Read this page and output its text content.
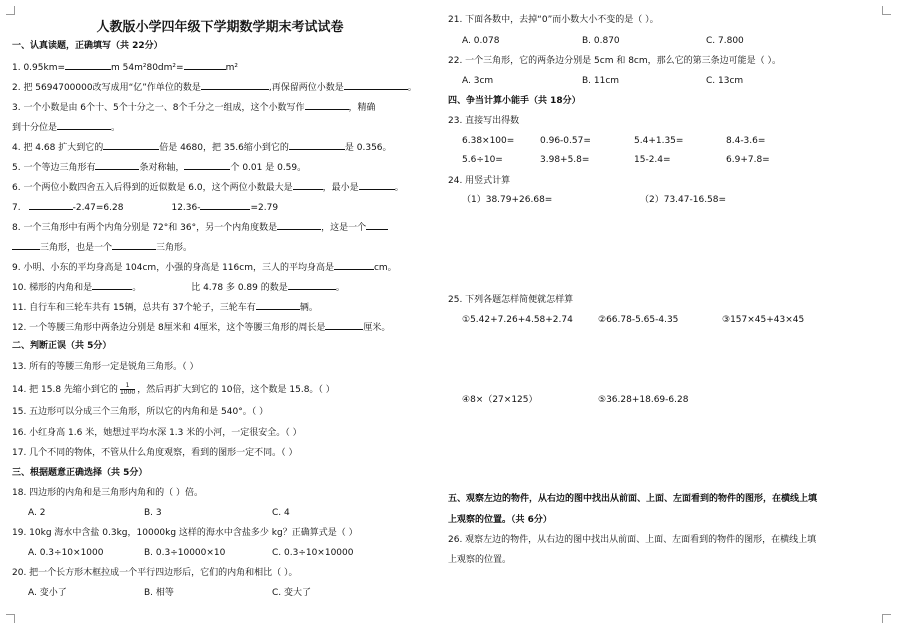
人教版小学四年级下学期数学期末考试试卷
一、认真读题，正确填写（共 22分）
1. 0.95km=	m 54m²80dm²=	m²
2. 把 5694700000改写成用“亿”作单位的数是	,再保留两位小数是	。
3. 一个小数是由 6个十、5个十分之一、8个千分之一组成，这个小数写作	，精确
到十分位是	。
4. 把 4.68 扩大到它的	倍是 4680，把 35.6缩小到它的	是 0.356。
5. 一个等边三角形有	条对称轴，	个 0.01 是 0.59。
6. 一个两位小数四舍五入后得到的近似数是 6.0，这个两位小数最大是	，最小是	。
7.	-2.47=6.28	12.36-	=2.79
8. 一个三角形中有两个内角分别是 72°和 36°，另一个内角度数是	，这是一个
三角形，也是一个	三角形。
9. 小明、小东的平均身高是 104cm，小强的身高是 116cm，三人的平均身高是	cm。
10. 梯形的内角和是	。	比 4.78 多 0.89 的数是	。
11. 自行车和三轮车共有 15辆，总共有 37个轮子，三轮车有	辆。
12. 一个等腰三角形中两条边分别是 8厘米和 4厘米，这个等腰三角形的周长是	厘米。
二、判断正误（共 5分）
13. 所有的等腰三角形一定是锐角三角形。（ ）
14. 把 15.8 先缩小到它的 $\frac{1}{1000}$ ，然后再扩大到它的 10倍，这个数是 15.8。（ ）
15. 五边形可以分成三个三角形，所以它的内角和是 540°。（ ）
16. 小红身高 1.6 米，她想过平均水深 1.3 米的小河，一定很安全。（ ）
17. 几个不同的物体，不管从什么角度观察，看到的图形一定不同。（ ）
三、根据题意正确选择（共 5分）
18. 四边形的内角和是三角形内角和的（ ）倍。
A. 2	B. 3	C. 4
19. 10kg 海水中含盐 0.3kg，10000kg 这样的海水中含盐多少 kg？正确算式是（ ）
A. 0.3÷10×1000	B. 0.3÷10000×10	C. 0.3÷10×10000
20. 把一个长方形木框拉成一个平行四边形后，它们的内角和相比（ ）。
A. 变小了	B. 相等	C. 变大了
21. 下面各数中，去掉“0”而小数大小不变的是（ ）。
A. 0.078	B. 0.870	C. 7.800
22. 一个三角形，它的两条边分别是 5cm 和 8cm，那么它的第三条边可能是（ ）。
A. 3cm	B. 11cm	C. 13cm
四、争当计算小能手（共 18分）
23. 直接写出得数
6.38×100=	0.96-0.57=	5.4+1.35=	8.4-3.6=
5.6÷10=	3.98+5.8=	15-2.4=	6.9+7.8=
24. 用竖式计算
（1）38.79+26.68=	（2）73.47-16.58=
25. 下列各题怎样简便就怎样算
①5.42+7.26+4.58+2.74	②66.78-5.65-4.35	③157×45+43×45
④8×（27×125）	⑤36.28+18.69-6.28
五、观察左边的物件，从右边的图中找出从前面、上面、左面看到的物件的图形，在横线上填
上观察的位置。（共 6分）
26. 观察左边的物件，从右边的图中找出从前面、上面、左面看到的物件的图形，在横线上填
上观察的位置。
